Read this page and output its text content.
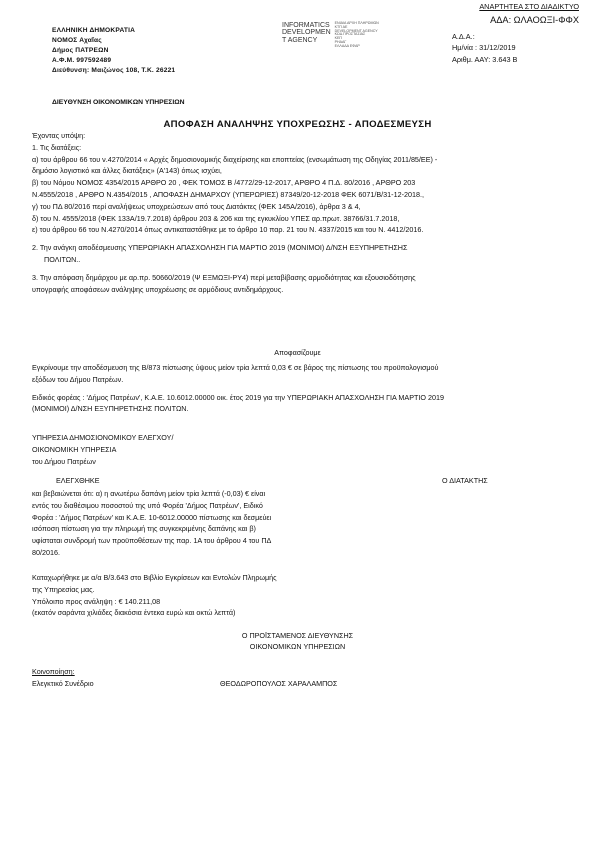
ΑΝΑΡΤΗΤΕΑ ΣΤΟ ΔΙΑΔΙΚΤΥΟ
ΑΔΑ: ΩΛΑΟΩΞΙ-ΦΦΧ
ΕΛΛΗΝΙΚΗ ΔΗΜΟΚΡΑΤΙΑ
ΝΟΜΟΣ Αχαΐας
Δήμος ΠΑΤΡΕΩΝ
Α.Φ.Μ. 997592489
Διεύθυνση: Μαιζώνος 108, Τ.Κ. 26221
INFORMATICS
DEVELOPMEN
T AGENCY
ΕΝΙΑΙΑ ΑΡΧΗ ΠΛΗΡΩΜΩΝ
ΚΤΠ ΑΕ
DEVELOPMENT AGENCY
ΚΩΔ.ΠΡΟΣΤΑΣΙΑΣ
ΚΕΠ
ΡΗΑΑΓ
ΕΛΛΑΔΑ ΕΦΑΡ
Α.Δ.Α.:
Ημ/νία : 31/12/2019
Αριθμ. ΑΑΥ: 3.643 Β
ΔΙΕΥΘΥΝΣΗ ΟΙΚΟΝΟΜΙΚΩΝ ΥΠΗΡΕΣΙΩΝ
ΑΠΟΦΑΣΗ ΑΝΑΛΗΨΗΣ ΥΠΟΧΡΕΩΣΗΣ - ΑΠΟΔΕΣΜΕΥΣΗ
Έχοντας υπόψη:
1. Τις διατάξεις:
α) του άρθρου 66 του ν.4270/2014 « Αρχές δημοσιονομικής διαχείρισης και εποπτείας (ενσωμάτωση της Οδηγίας 2011/85/ΕΕ) -
δημόσιο λογιστικό και άλλες διατάξεις» (Α'143) όπως ισχύει,
β) του Νόμου ΝΟΜΟΣ 4354/2015 ΑΡΘΡΟ 20 , ΦΕΚ ΤΟΜΟΣ Β /4772/29-12-2017, ΑΡΘΡΟ 4 Π.Δ. 80/2016 , ΑΡΘΡΟ 203
Ν.4555/2018 , ΑΡΘΡΟ Ν.4354/2015 , ΑΠΟΦΑΣΗ ΔΗΜΑΡΧΟΥ (ΥΠΕΡΩΡΙΕΣ) 87349/20-12-2018 ΦΕΚ 6071/Β/31-12-2018.,
γ) του ΠΔ 80/2016 περί αναλήψεως υποχρεώσεων από τους Διατάκτες (ΦΕΚ 145Α/2016), άρθρα 3 & 4,
δ) του Ν. 4555/2018 (ΦΕΚ 133Α/19.7.2018) άρθρου 203 & 206 και της εγκυκλίου ΥΠΕΣ αρ.πρωτ. 38766/31.7.2018,
ε) του άρθρου 66 του Ν.4270/2014 όπως αντικαταστάθηκε με το άρθρο 10 παρ. 21 του Ν. 4337/2015 και του Ν. 4412/2016.
2. Την ανάγκη αποδέσμευσης ΥΠΕΡΩΡΙΑΚΗ ΑΠΑΣΧΟΛΗΣΗ ΓΙΑ ΜΑΡΤΙΟ 2019 (ΜΟΝΙΜΟΙ) Δ/ΝΣΗ ΕΞΥΠΗΡΕΤΗΣΗΣ
ΠΟΛΙΤΩΝ..
3. Την απόφαση δημάρχου με αρ.πρ. 50660/2019 (Ψ ΕΞΜΩΞΙ-ΡΥ4) περί μεταβίβασης αρμοδιότητας και εξουσιοδότησης
υπογραφής αποφάσεων ανάληψης υποχρέωσης σε αρμόδιους αντιδημάρχους.
Αποφασίζουμε
Εγκρίνουμε την αποδέσμευση της Β/873 πίστωσης ύψους μείον τρία λεπτά 0,03 € σε βάρος της πίστωσης του προϋπολογισμού
εξόδων του Δήμου Πατρέων.
Ειδικός φορέας : 'Δήμος Πατρέων', Κ.Α.Ε. 10.6012.00000 οικ. έτος 2019 για την ΥΠΕΡΩΡΙΑΚΗ ΑΠΑΣΧΟΛΗΣΗ ΓΙΑ ΜΑΡΤΙΟ 2019
(ΜΟΝΙΜΟΙ) Δ/ΝΣΗ ΕΞΥΠΗΡΕΤΗΣΗΣ ΠΟΛΙΤΩΝ.
ΥΠΗΡΕΣΙΑ ΔΗΜΟΣΙΟΝΟΜΙΚΟΥ ΕΛΕΓΧΟΥ/
ΟΙΚΟΝΟΜΙΚΗ ΥΠΗΡΕΣΙΑ
του Δήμου Πατρέων
ΕΛΕΓΧΘΗΚΕ	Ο ΔΙΑΤΑΚΤΗΣ
και βεβαιώνεται ότι: α) η ανωτέρω δαπάνη μείον τρία λεπτά (-0,03) € είναι
εντός του διαθέσιμου ποσοστού της υπό Φορέα 'Δήμος Πατρέων', Ειδικό
Φορέα : 'Δήμος Πατρέων' και Κ.Α.Ε. 10-6012.00000 πίστωσης και δεσμεύει
ισόποση πίστωση για την πληρωμή της συγκεκριμένης δαπάνης και β)
υφίσταται συνδρομή των προϋποθέσεων της παρ. 1Α του άρθρου 4 του ΠΔ
80/2016.
Καταχωρήθηκε με α/α Β/3.643 στο Βιβλίο Εγκρίσεων και Εντολών Πληρωμής
της Υπηρεσίας μας.
Υπόλοιπο προς ανάληψη : € 140.211,08
(εκατόν σαράντα χιλιάδες διακόσια έντεκα ευρώ και οκτώ λεπτά)
Ο ΠΡΟΪΣΤΑΜΕΝΟΣ ΔΙΕΥΘΥΝΣΗΣ
ΟΙΚΟΝΟΜΙΚΩΝ ΥΠΗΡΕΣΙΩΝ
Κοινοποίηση:
Ελεγκτικό Συνέδριο	ΘΕΟΔΩΡΟΠΟΥΛΟΣ ΧΑΡΑΛΑΜΠΟΣ
